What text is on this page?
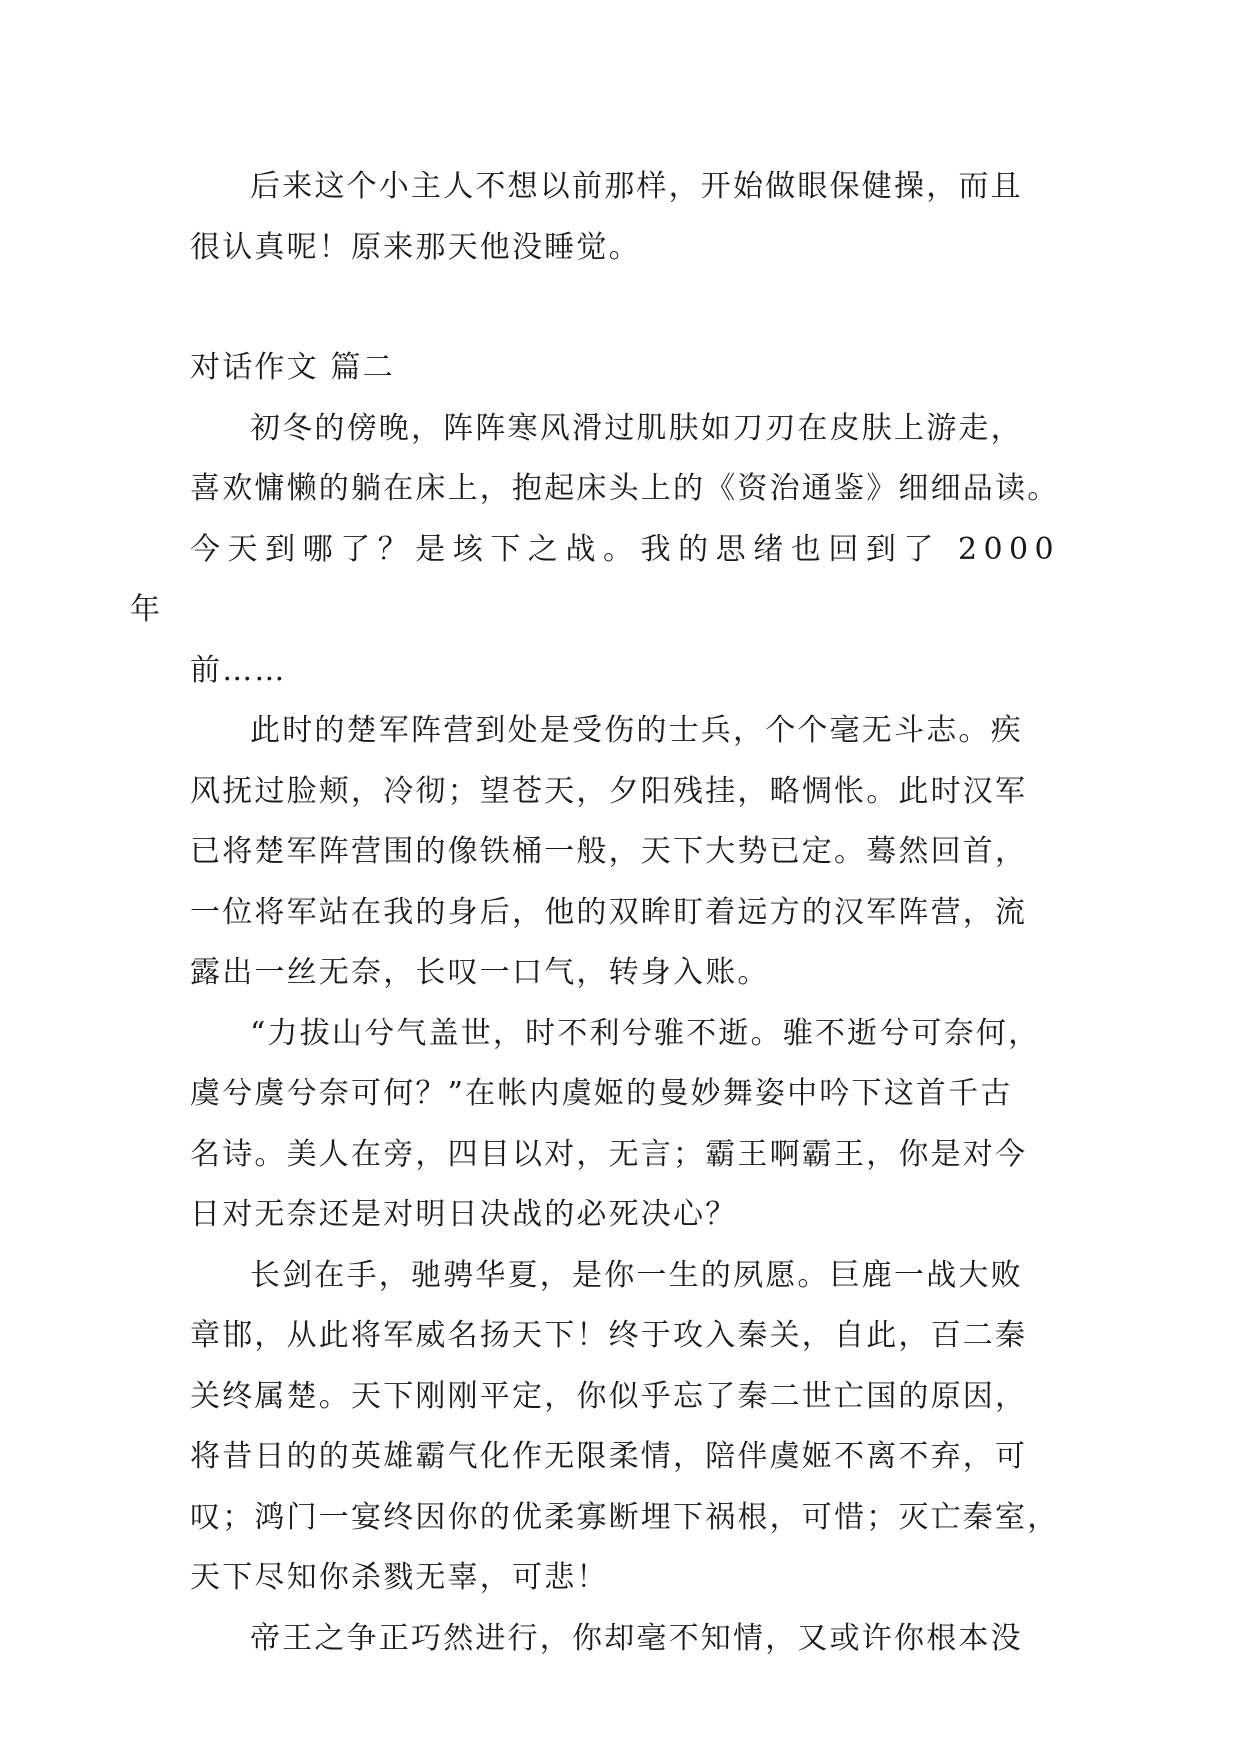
后来这个小主人不想以前那样，开始做眼保健操，而且
很认真呢！原来那天他没睡觉。

对话作文 篇二

初冬的傍晚，阵阵寒风滑过肌肤如刀刃在皮肤上游走，
喜欢慵懒的躺在床上，抱起床头上的《资治通鉴》细细品读。
今天到哪了？是垓下之战。我的思绪也回到了 2000 年
前……

此时的楚军阵营到处是受伤的士兵，个个毫无斗志。疾
风抚过脸颊，冷彻；望苍天，夕阳残挂，略惆怅。此时汉军
已将楚军阵营围的像铁桶一般，天下大势已定。蓦然回首，
一位将军站在我的身后，他的双眸盯着远方的汉军阵营，流
露出一丝无奈，长叹一口气，转身入账。

“力拔山兮气盖世，时不利兮骓不逝。骓不逝兮可奈何，
虞兮虞兮奈可何？”在帐内虞姬的曼妙舞姿中吟下这首千古
名诗。美人在旁，四目以对，无言；霸王啊霸王，你是对今
日对无奈还是对明日决战的必死决心？

长剑在手，驰骋华夏，是你一生的夙愿。巨鹿一战大败
章邯，从此将军威名扬天下！终于攻入秦关，自此，百二秦
关终属楚。天下刚刚平定，你似乎忘了秦二世亡国的原因，
将昔日的的英雄霸气化作无限柔情，陪伴虞姬不离不弃，可
叹；鸿门一宴终因你的优柔寡断埋下祸根，可惜；灭亡秦室，
天下尽知你杀戮无辜，可悲！

帝王之争正巧然进行，你却毫不知情，又或许你根本没
